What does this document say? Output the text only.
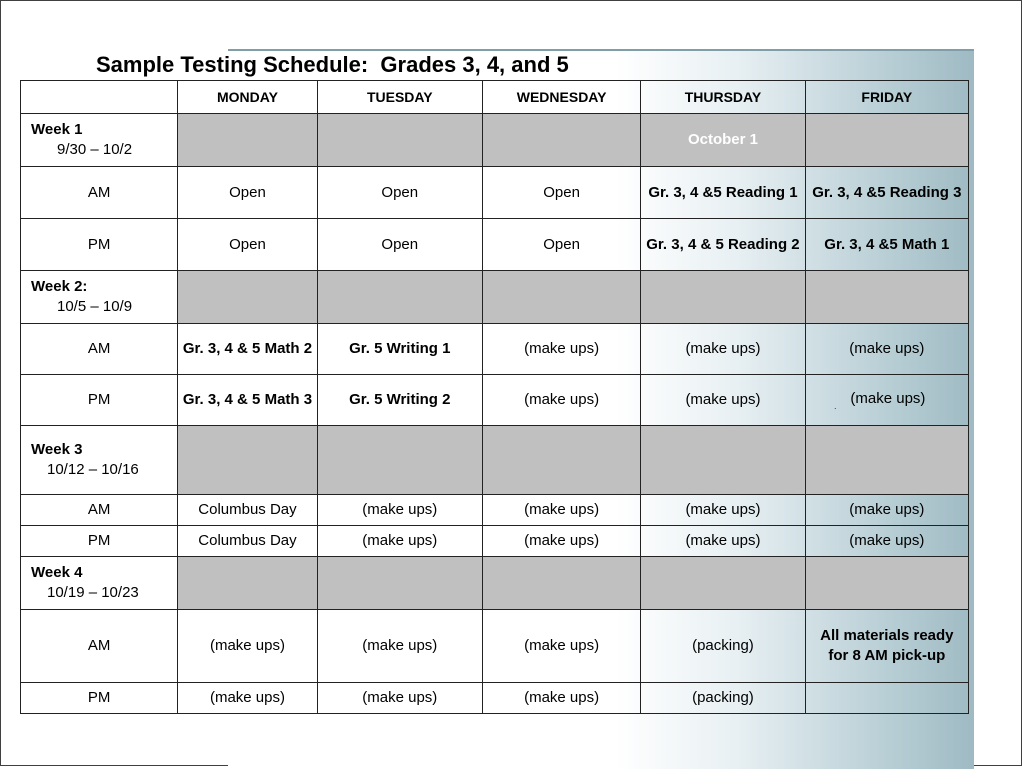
Sample Testing Schedule:  Grades 3, 4, and 5
	MONDAY	TUESDAY	WEDNESDAY	THURSDAY	FRIDAY

Week 1
9/30 – 10/2				October 1	
AM	Open	Open	Open	Gr. 3, 4 &5 Reading 1	Gr. 3, 4 &5 Reading 3
PM	Open	Open	Open	Gr. 3, 4 & 5 Reading 2	Gr. 3, 4 &5 Math 1

Week 2:
10/5 – 10/9					

AM	Gr. 3, 4 & 5 Math 2	Gr. 5 Writing 1	(make ups)	(make ups)	(make ups)
PM	Gr. 3, 4 & 5 Math 3	Gr. 5 Writing 2	(make ups)	(make ups)	$_.$ (make ups)

Week 3
10/12 – 10/16					

AM	Columbus Day	(make ups)	(make ups)	(make ups)	(make ups)
PM	Columbus Day	(make ups)	(make ups)	(make ups)	(make ups)

Week 4
10/19 – 10/23					

AM	(make ups)	(make ups)	(make ups)	(packing)	All materials ready for 8 AM pick-up
PM	(make ups)	(make ups)	(make ups)	(packing)	
